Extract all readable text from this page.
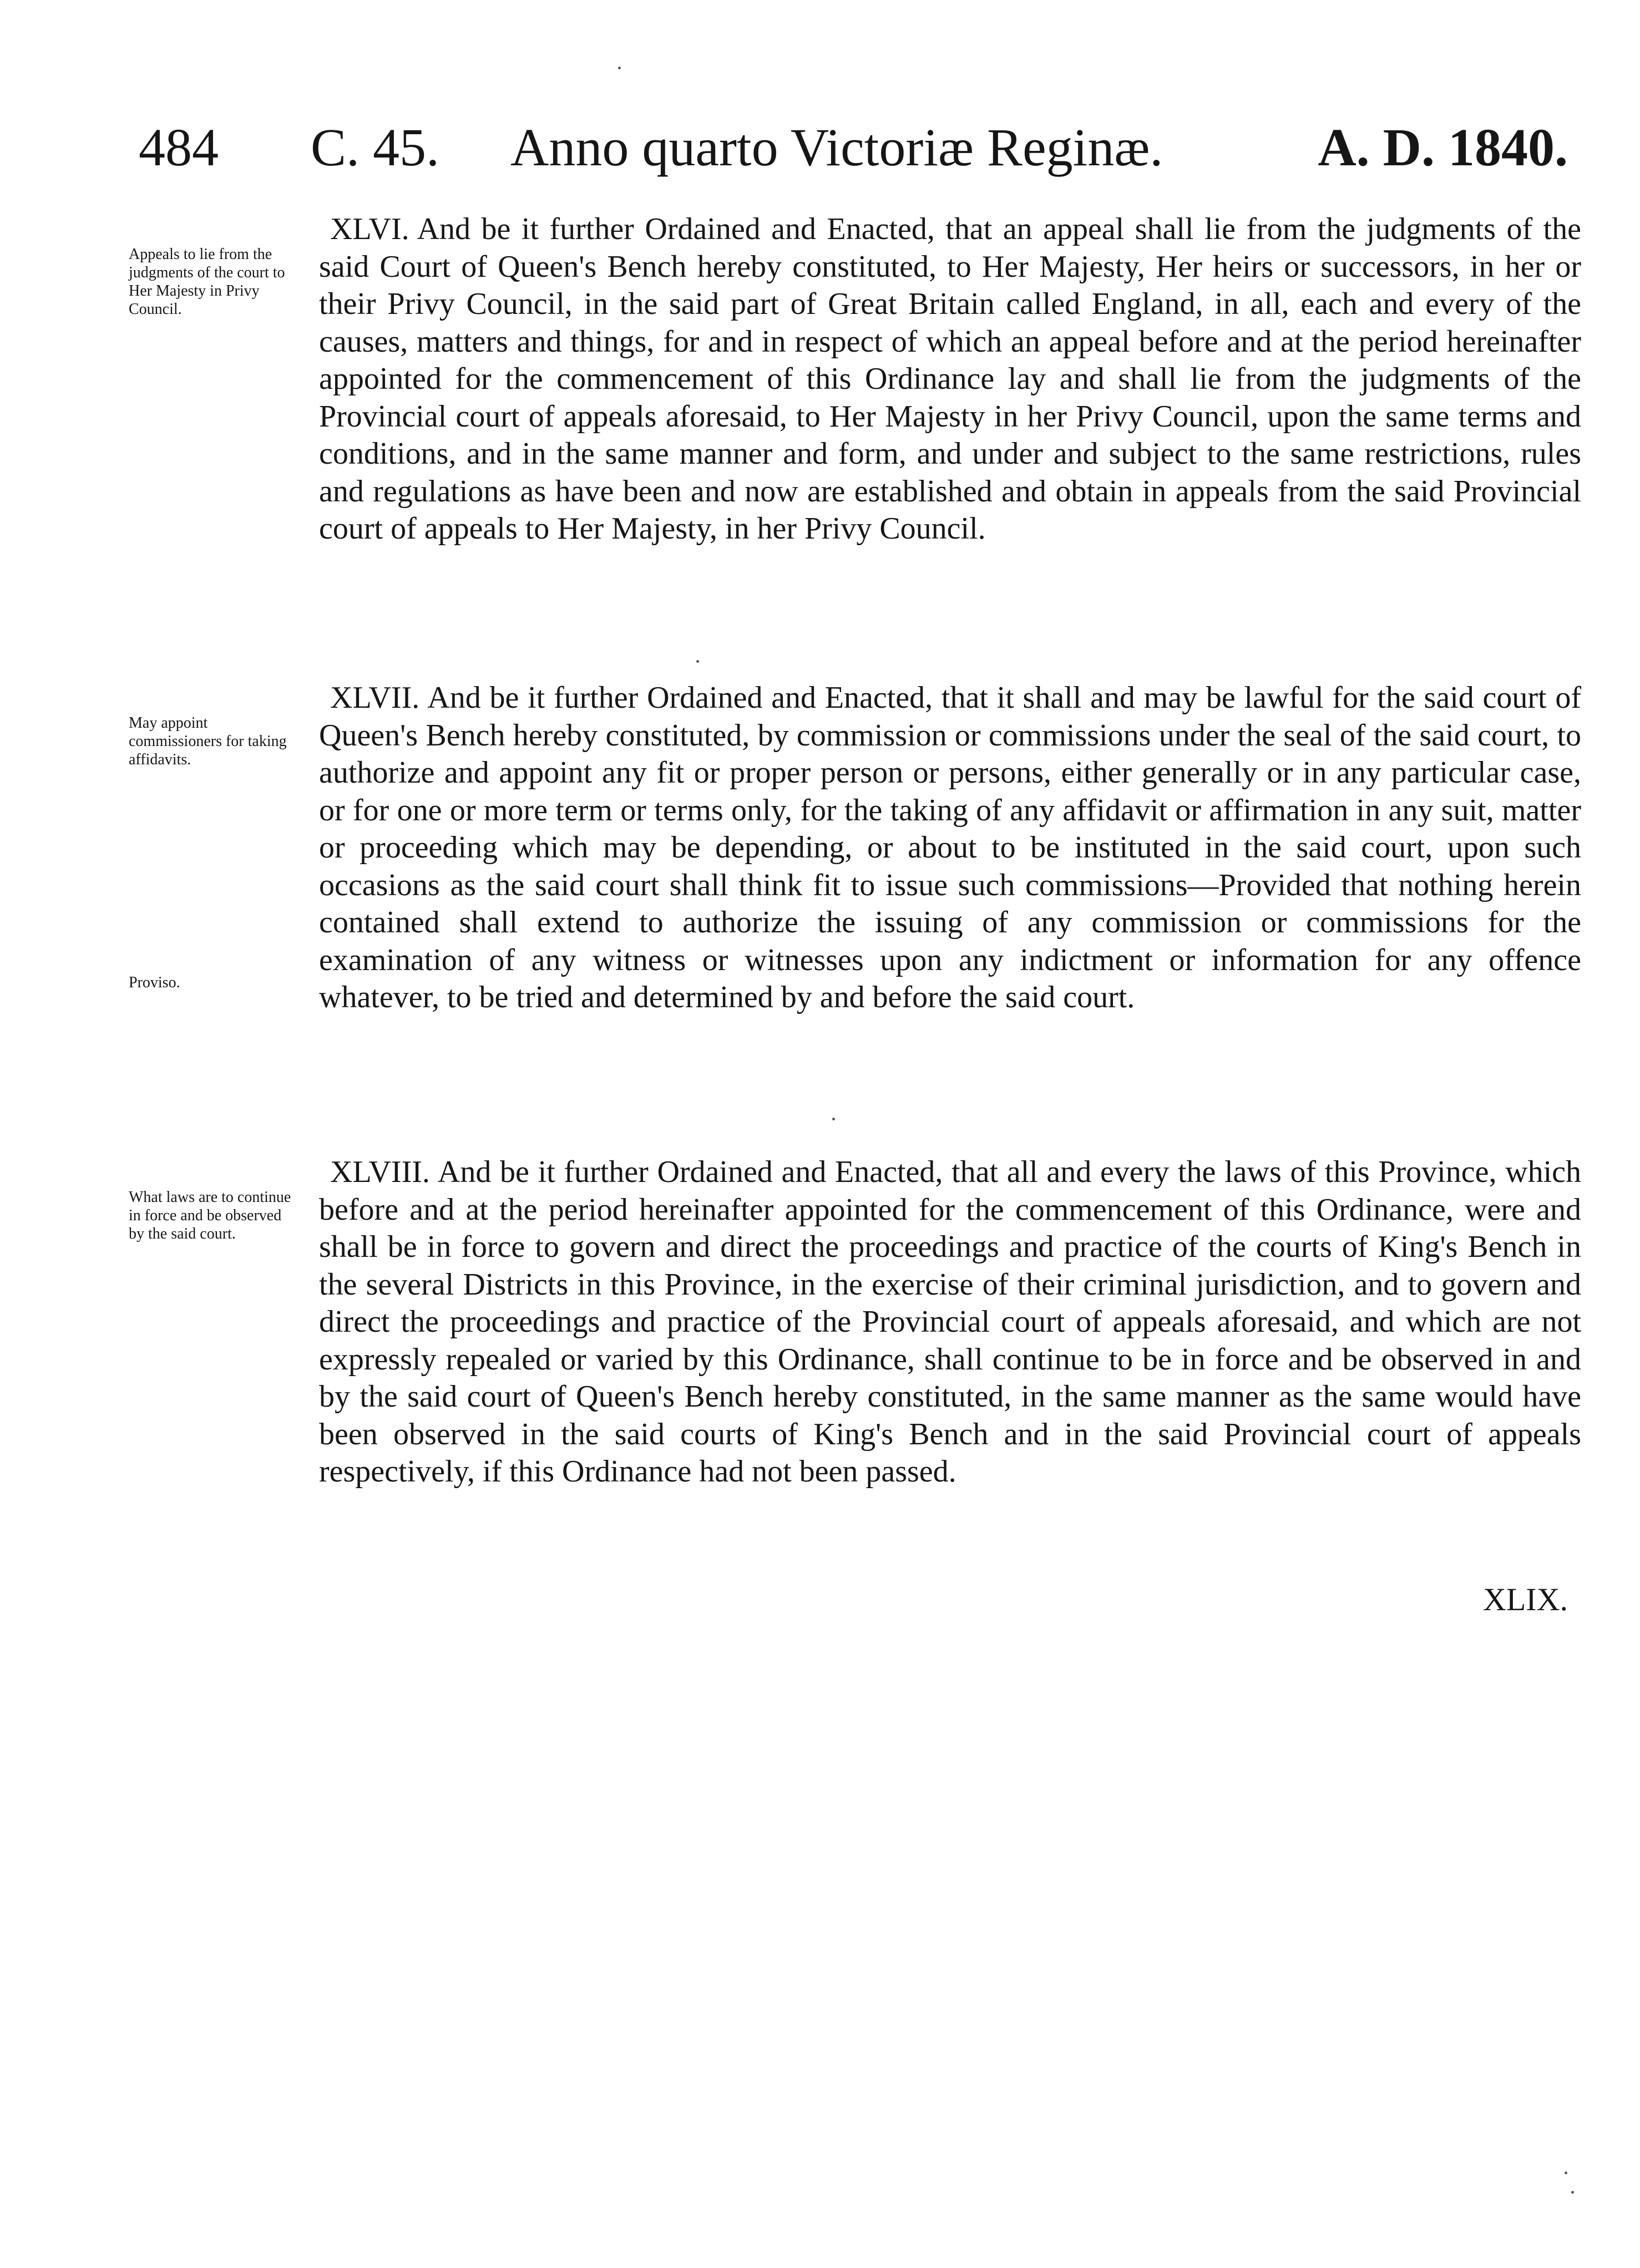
484 C. 45. Anno quarto Victoriæ Reginæ.	A. D. 1840.
Appeals to lie from the judgments of the court to Her Majesty in Privy Council.

XLVI. And be it further Ordained and Enacted, that an appeal shall lie from the judgments of the said Court of Queen's Bench hereby constituted, to Her Majesty, Her heirs or successors, in her or their Privy Council, in the said part of Great Britain called England, in all, each and every of the causes, matters and things, for and in respect of which an appeal before and at the period hereinafter appointed for the commencement of this Ordinance lay and shall lie from the judgments of the Provincial court of appeals aforesaid, to Her Majesty in her Privy Council, upon the same terms and conditions, and in the same manner and form, and under and subject to the same restrictions, rules and regulations as have been and now are established and obtain in appeals from the said Provincial court of appeals to Her Majesty, in her Privy Council.

May appoint commissioners for taking affidavits.
Proviso.

XLVII. And be it further Ordained and Enacted, that it shall and may be lawful for the said court of Queen's Bench hereby constituted, by commission or commissions under the seal of the said court, to authorize and appoint any fit or proper person or persons, either generally or in any particular case, or for one or more term or terms only, for the taking of any affidavit or affirmation in any suit, matter or proceeding which may be depending, or about to be instituted in the said court, upon such occasions as the said court shall think fit to issue such commissions—Provided that nothing herein contained shall extend to authorize the issuing of any commission or commissions for the examination of any witness or witnesses upon any indictment or information for any offence whatever, to be tried and determined by and before the said court.

What laws are to continue in force and be observed by the said court.

XLVIII. And be it further Ordained and Enacted, that all and every the laws of this Province, which before and at the period hereinafter appointed for the commencement of this Ordinance, were and shall be in force to govern and direct the proceedings and practice of the courts of King's Bench in the several Districts in this Province, in the exercise of their criminal jurisdiction, and to govern and direct the proceedings and practice of the Provincial court of appeals aforesaid, and which are not expressly repealed or varied by this Ordinance, shall continue to be in force and be observed in and by the said court of Queen's Bench hereby constituted, in the same manner as the same would have been observed in the said courts of King's Bench and in the said Provincial court of appeals respectively, if this Ordinance had not been passed.

XLIX.
